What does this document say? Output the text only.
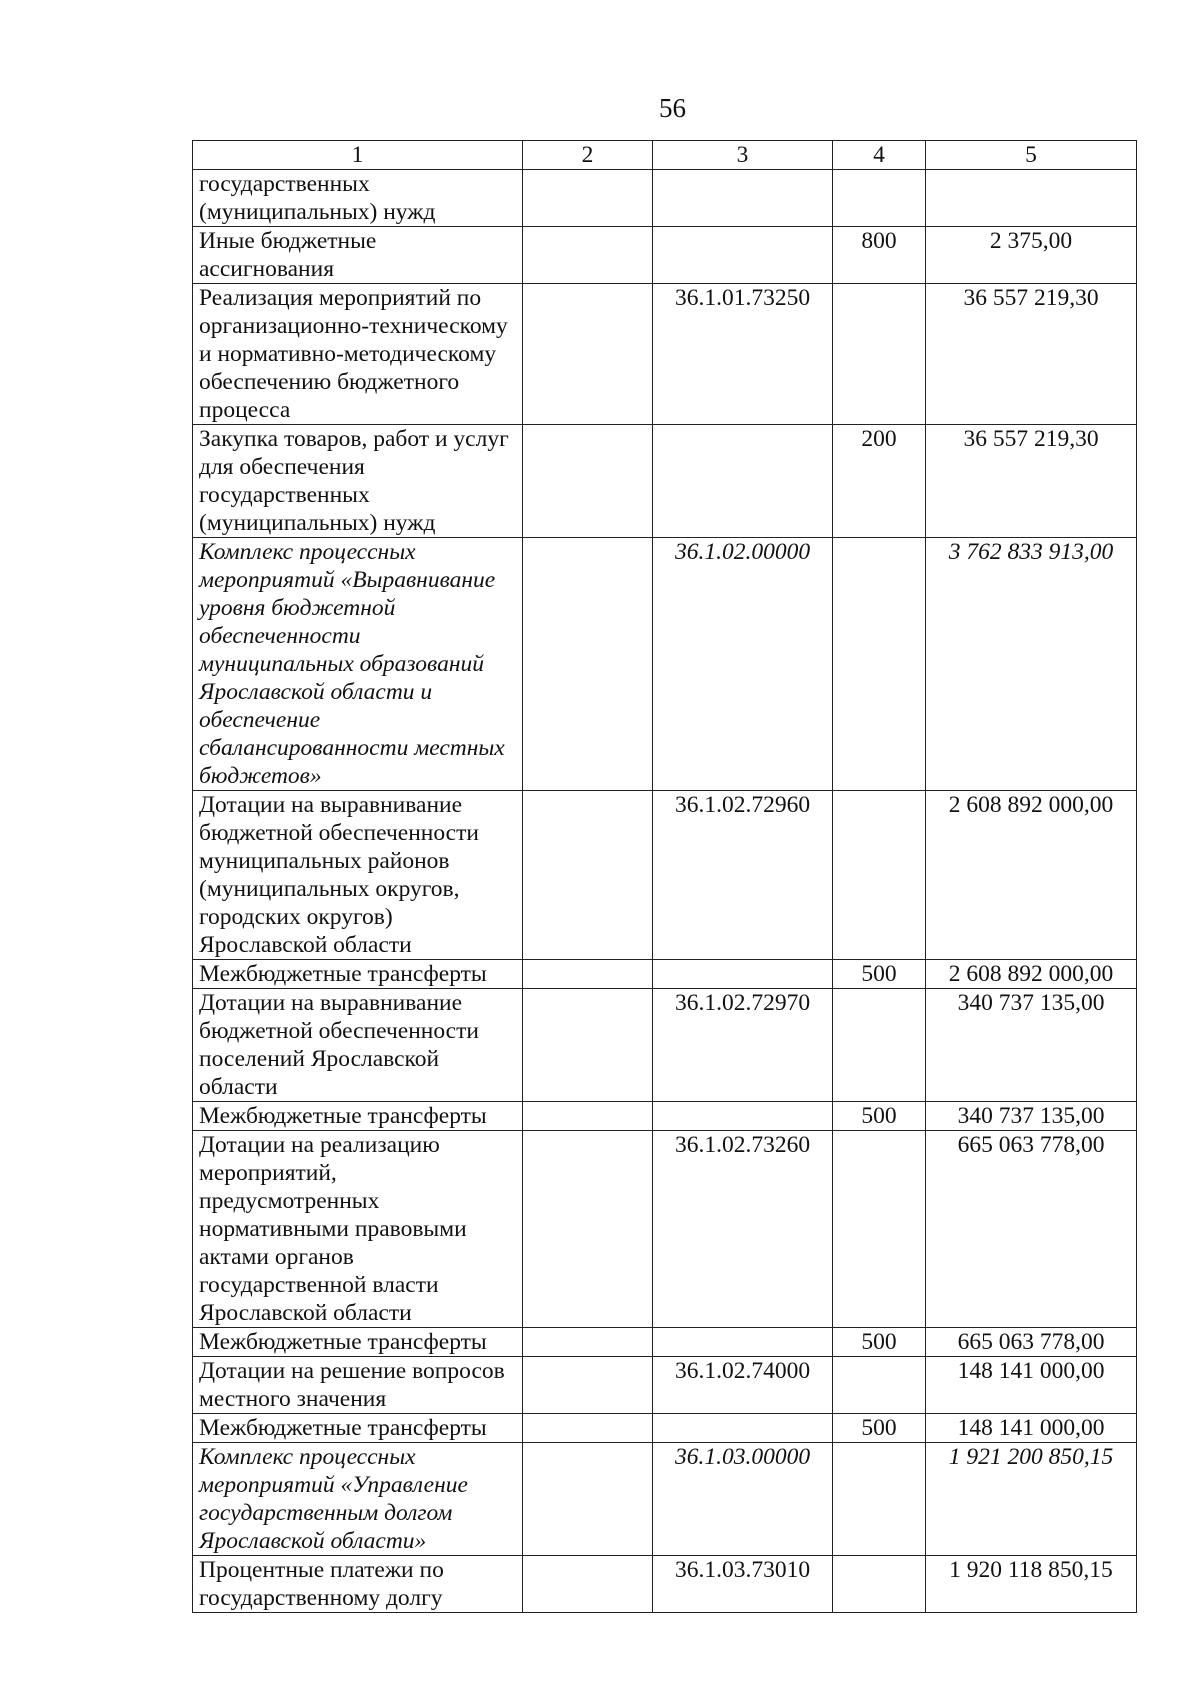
56
1	2	3	4	5
государственных (муниципальных) нужд				
Иные бюджетные ассигнования			800	2 375,00
Реализация мероприятий по организационно-техническому и нормативно-методическому обеспечению бюджетного процесса		36.1.01.73250		36 557 219,30
Закупка товаров, работ и услуг для обеспечения государственных (муниципальных) нужд			200	36 557 219,30
Комплекс процессных мероприятий «Выравнивание уровня бюджетной обеспеченности муниципальных образований Ярославской области и обеспечение сбалансированности местных бюджетов»		36.1.02.00000		3 762 833 913,00
Дотации на выравнивание бюджетной обеспеченности муниципальных районов (муниципальных округов, городских округов) Ярославской области		36.1.02.72960		2 608 892 000,00
Межбюджетные трансферты			500	2 608 892 000,00
Дотации на выравнивание бюджетной обеспеченности поселений Ярославской области		36.1.02.72970		340 737 135,00
Межбюджетные трансферты			500	340 737 135,00
Дотации на реализацию мероприятий, предусмотренных нормативными правовыми актами органов государственной власти Ярославской области		36.1.02.73260		665 063 778,00
Межбюджетные трансферты			500	665 063 778,00
Дотации на решение вопросов местного значения		36.1.02.74000		148 141 000,00
Межбюджетные трансферты			500	148 141 000,00
Комплекс процессных мероприятий «Управление государственным долгом Ярославской области»		36.1.03.00000		1 921 200 850,15
Процентные платежи по государственному долгу		36.1.03.73010		1 920 118 850,15
